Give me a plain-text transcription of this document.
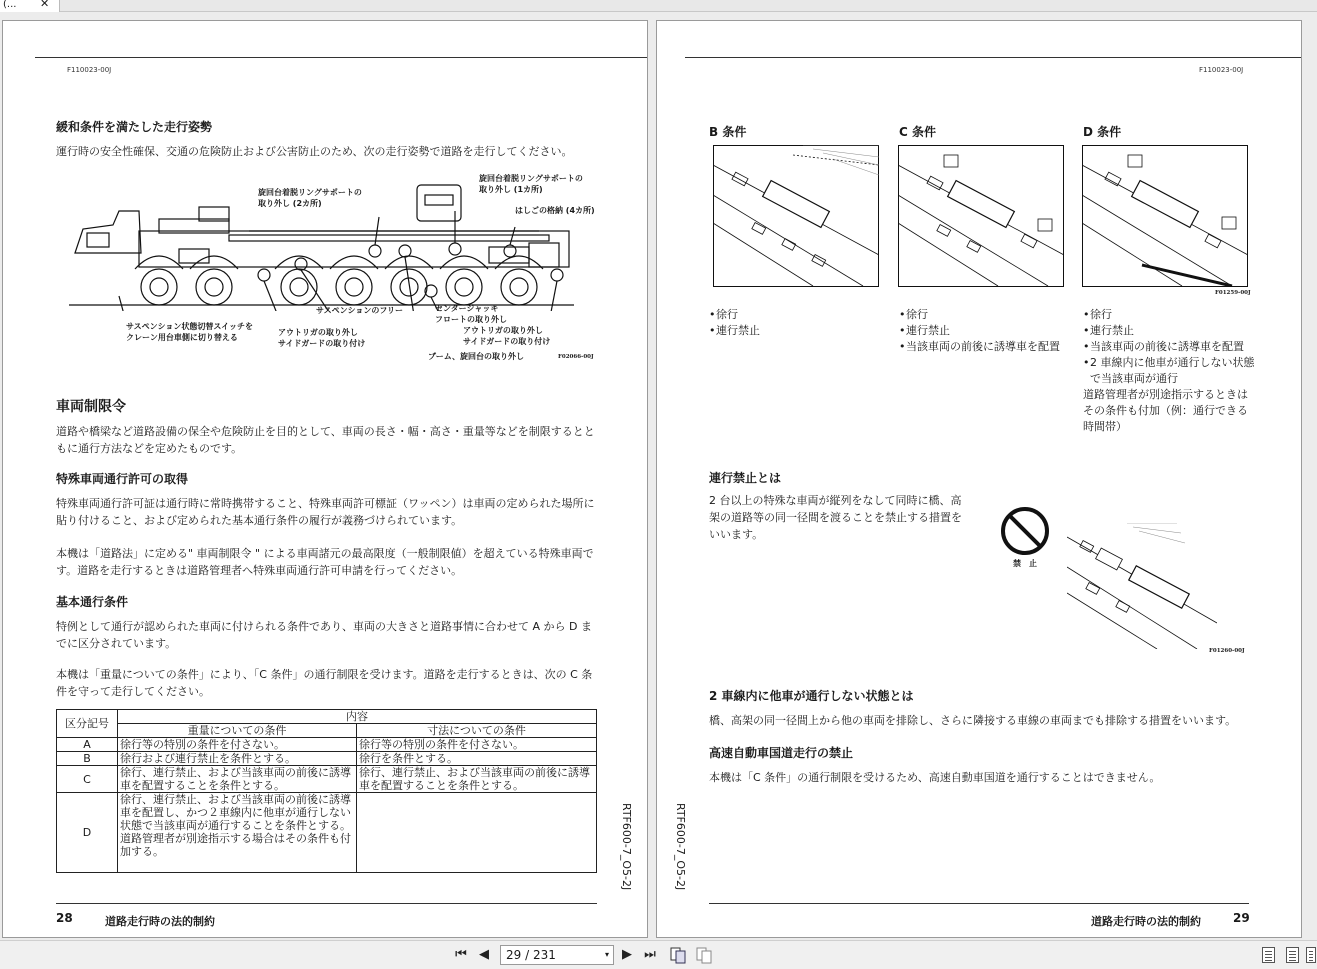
(... ✕
F110023-00J
緩和条件を満たした走行姿勢
運行時の安全性確保、交通の危険防止および公害防止のため、次の走行姿勢で道路を走行してください。
旋回台着脱リングサポートの
取り外し (2カ所)
旋回台着脱リングサポートの
取り外し (1カ所)
はしごの格納 (4カ所)
サスペンション状態切替スイッチを
クレーン用台車側に切り替える
サスペンションのフリー
アウトリガの取り外し
サイドガードの取り付け
センタージャッキ
フロートの取り外し
アウトリガの取り外し
サイドガードの取り付け
ブーム、旋回台の取り外し	F02066-00J
車両制限令
道路や橋梁など道路設備の保全や危険防止を目的として、車両の長さ・幅・高さ・重量等などを制限するとともに通行方法などを定めたものです。
特殊車両通行許可の取得
特殊車両通行許可証は通行時に常時携帯すること、特殊車両許可標証（ワッペン）は車両の定められた場所に貼り付けること、および定められた基本通行条件の履行が義務づけられています。
本機は「道路法」に定める" 車両制限令 " による車両諸元の最高限度（一般制限値）を超えている特殊車両です。道路を走行するときは道路管理者へ特殊車両通行許可申請を行ってください。
基本通行条件
特例として通行が認められた車両に付けられる条件であり、車両の大きさと道路事情に合わせて A から D までに区分されています。
本機は「重量についての条件」により、「C 条件」の通行制限を受けます。道路を走行するときは、次の C 条件を守って走行してください。
区分記号	内容	
	重量についての条件	寸法についての条件
A	徐行等の特別の条件を付さない。	徐行等の特別の条件を付さない。
B	徐行および連行禁止を条件とする。	徐行を条件とする。
C	徐行、連行禁止、および当該車両の前後に誘導車を配置することを条件とする。	徐行、連行禁止、および当該車両の前後に誘導車を配置することを条件とする。
D	徐行、連行禁止、および当該車両の前後に誘導車を配置し、かつ２車線内に他車が通行しない状態で当該車両が通行することを条件とする。道路管理者が別途指示する場合はその条件も付加する。		RTF600-7_O5-2J
28	道路走行時の法的制約
F110023-00J
B 条件	C 条件	D 条件
F01259-00J
• 徐行
• 連行禁止
• 徐行
• 連行禁止
• 当該車両の前後に誘導車を配置
• 徐行
• 連行禁止
• 当該車両の前後に誘導車を配置
• 2 車線内に他車が通行しない状態で当該車両が通行
道路管理者が別途指示するときはその条件も付加（例：通行できる時間帯）
連行禁止とは
2 台以上の特殊な車両が縦列をなして同時に橋、高架の道路等の同一径間を渡ることを禁止する措置をいいます。
禁　止
F01260-00J
2 車線内に他車が通行しない状態とは
橋、高架の同一径間上から他の車両を排除し、さらに隣接する車線の車両までも排除する措置をいいます。
高速自動車国道走行の禁止
本機は「C 条件」の通行制限を受けるため、高速自動車国道を通行することはできません。
RTF600-7_O5-2J
道路走行時の法的制約	29
⏮ ◀	29 / 231	▾	▶ ⏭
